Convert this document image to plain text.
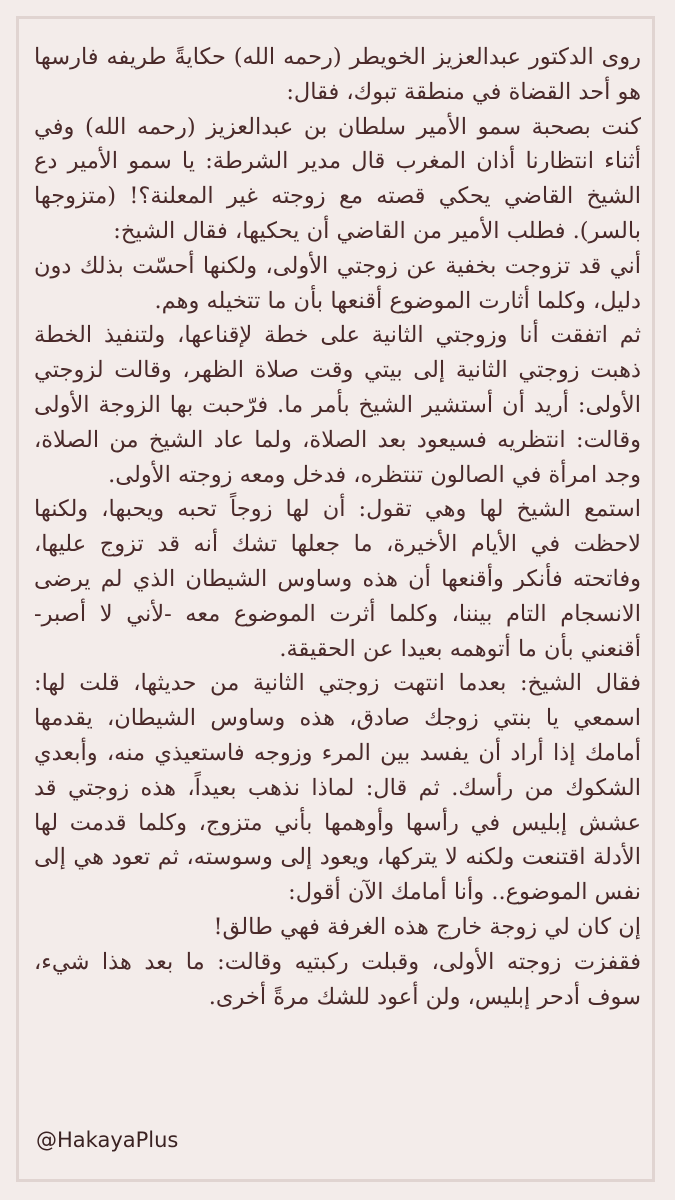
روى الدكتور عبدالعزيز الخويطر (رحمه الله) حكايةً طريفه فارسها هو أحد القضاة في منطقة تبوك، فقال:

كنت بصحبة سمو الأمير سلطان بن عبدالعزيز (رحمه الله) وفي أثناء انتظارنا أذان المغرب قال مدير الشرطة: يا سمو الأمير دع الشيخ القاضي يحكي قصته مع زوجته غير المعلنة؟! (متزوجها بالسر). فطلب الأمير من القاضي أن يحكيها، فقال الشيخ:

أني قد تزوجت بخفية عن زوجتي الأولى، ولكنها أحسّت بذلك دون دليل، وكلما أثارت الموضوع أقنعها بأن ما تتخيله وهم.

ثم اتفقت أنا وزوجتي الثانية على خطة لإقناعها، ولتنفيذ الخطة ذهبت زوجتي الثانية إلى بيتي وقت صلاة الظهر، وقالت لزوجتي الأولى: أريد أن أستشير الشيخ بأمر ما. فرّحبت بها الزوجة الأولى وقالت: انتظريه فسيعود بعد الصلاة، ولما عاد الشيخ من الصلاة، وجد امرأة في الصالون تنتظره، فدخل ومعه زوجته الأولى.

استمع الشيخ لها وهي تقول: أن لها زوجاً تحبه ويحبها، ولكنها لاحظت في الأيام الأخيرة، ما جعلها تشك أنه قد تزوج عليها، وفاتحته فأنكر وأقنعها أن هذه وساوس الشيطان الذي لم يرضى الانسجام التام بيننا، وكلما أثرت الموضوع معه -لأني لا أصبر- أقنعني بأن ما أتوهمه بعيدا عن الحقيقة.

فقال الشيخ: بعدما انتهت زوجتي الثانية من حديثها، قلت لها: اسمعي يا بنتي زوجك صادق، هذه وساوس الشيطان، يقدمها أمامك إذا أراد أن يفسد بين المرء وزوجه فاستعيذي منه، وأبعدي الشكوك من رأسك. ثم قال: لماذا نذهب بعيداً، هذه زوجتي قد عشش إبليس في رأسها وأوهمها بأني متزوج، وكلما قدمت لها الأدلة اقتنعت ولكنه لا يتركها، ويعود إلى وسوسته، ثم تعود هي إلى نفس الموضوع.. وأنا أمامك الآن أقول:

إن كان لي زوجة خارج هذه الغرفة فهي طالق!

فقفزت زوجته الأولى، وقبلت ركبتيه وقالت: ما بعد هذا شيء، سوف أدحر إبليس، ولن أعود للشك مرةً أخرى.

@HakayaPlus
